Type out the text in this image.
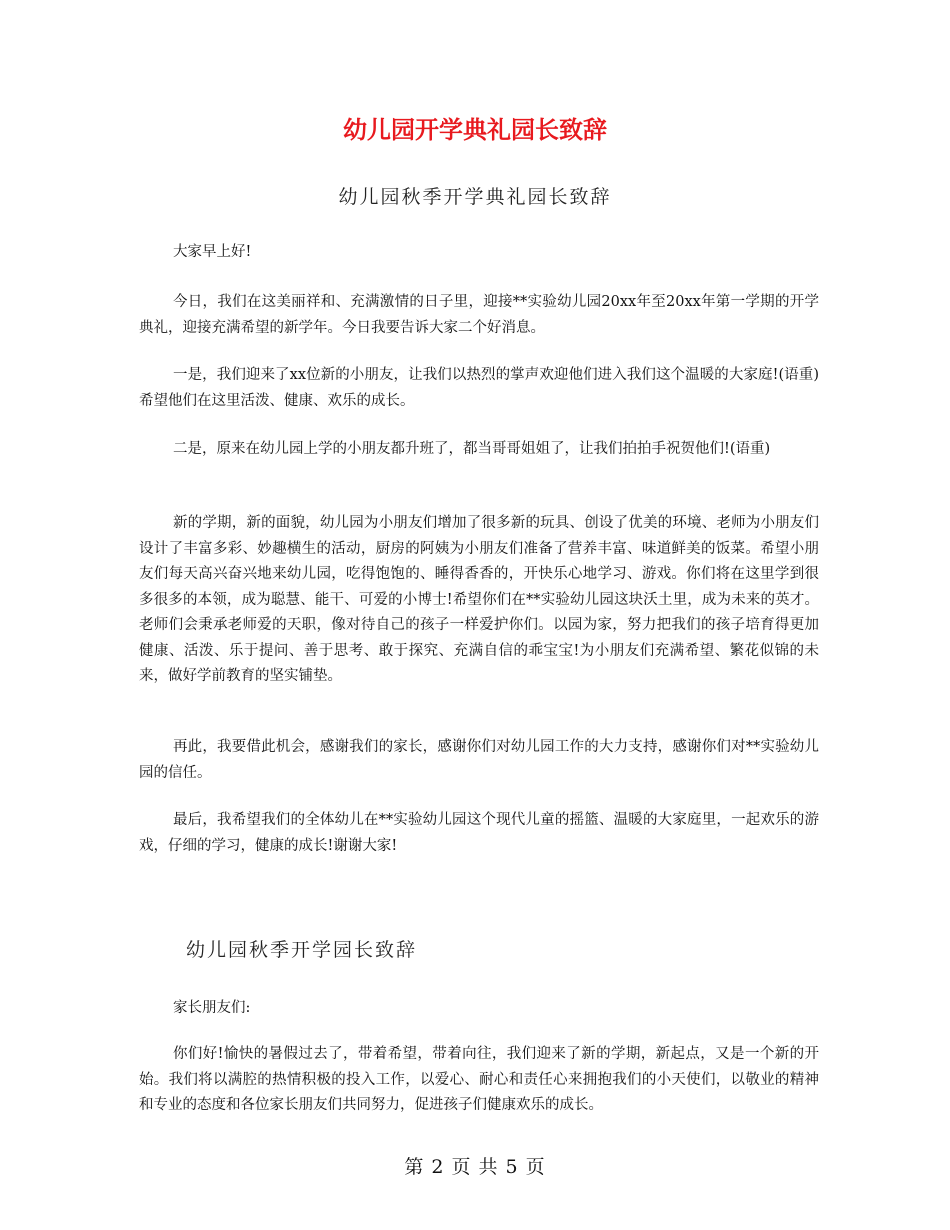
幼儿园开学典礼园长致辞
幼儿园秋季开学典礼园长致辞

大家早上好!

今日，我们在这美丽祥和、充满激情的日子里，迎接**实验幼儿园20xx年至20xx年第一学期的开学典礼，迎接充满希望的新学年。今日我要告诉大家二个好消息。

一是，我们迎来了xx位新的小朋友，让我们以热烈的掌声欢迎他们进入我们这个温暖的大家庭!(语重)希望他们在这里活泼、健康、欢乐的成长。

二是，原来在幼儿园上学的小朋友都升班了，都当哥哥姐姐了，让我们拍拍手祝贺他们!(语重)

新的学期，新的面貌，幼儿园为小朋友们增加了很多新的玩具、创设了优美的环境、老师为小朋友们设计了丰富多彩、妙趣横生的活动，厨房的阿姨为小朋友们准备了营养丰富、味道鲜美的饭菜。希望小朋友们每天高兴奋兴地来幼儿园，吃得饱饱的、睡得香香的，开快乐心地学习、游戏。你们将在这里学到很多很多的本领，成为聪慧、能干、可爱的小博士!希望你们在**实验幼儿园这块沃土里，成为未来的英才。 老师们会秉承老师爱的天职，像对待自己的孩子一样爱护你们。以园为家，努力把我们的孩子培育得更加健康、活泼、乐于提问、善于思考、敢于探究、充满自信的乖宝宝!为小朋友们充满希望、繁花似锦的未来，做好学前教育的坚实铺垫。

再此，我要借此机会，感谢我们的家长，感谢你们对幼儿园工作的大力支持，感谢你们对**实验幼儿园的信任。

最后，我希望我们的全体幼儿在**实验幼儿园这个现代儿童的摇篮、温暖的大家庭里，一起欢乐的游戏，仔细的学习，健康的成长!谢谢大家!

幼儿园秋季开学园长致辞

家长朋友们:

你们好!愉快的暑假过去了，带着希望，带着向往，我们迎来了新的学期，新起点，又是一个新的开始。我们将以满腔的热情积极的投入工作，以爱心、耐心和责任心来拥抱我们的小天使们，以敬业的精神和专业的态度和各位家长朋友们共同努力，促进孩子们健康欢乐的成长。

第 2 页 共 5 页
